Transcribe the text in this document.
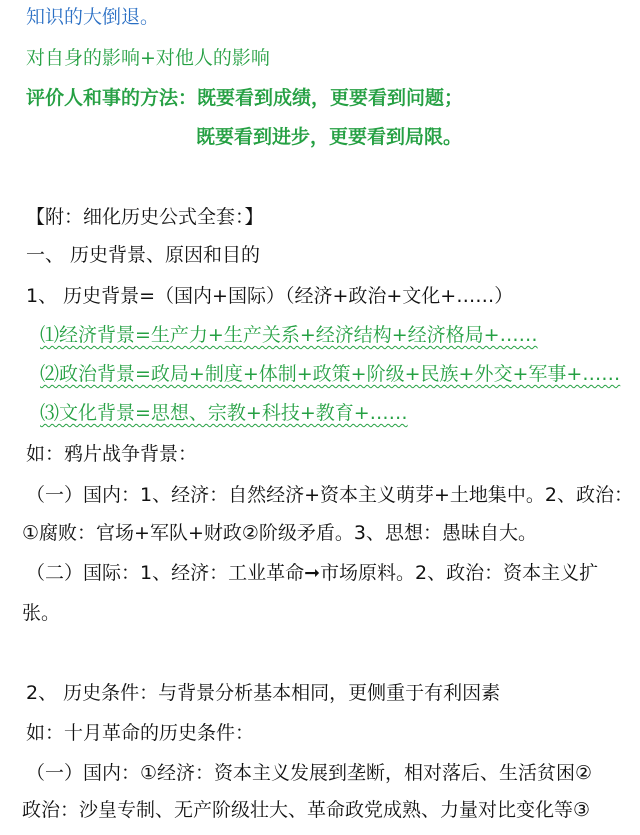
知识的大倒退。
对自身的影响+对他人的影响
评价人和事的方法：既要看到成绩，更要看到问题；
既要看到进步，更要看到局限。
【附：细化历史公式全套：】
一、 历史背景、原因和目的
1、 历史背景=（国内+国际）（经济+政治+文化+……）
⑴经济背景=生产力+生产关系+经济结构+经济格局+……
⑵政治背景=政局+制度+体制+政策+阶级+民族+外交+军事+……
⑶文化背景=思想、宗教+科技+教育+……
如：鸦片战争背景：
（一）国内：1、经济：自然经济+资本主义萌芽+土地集中。2、政治：
①腐败：官场+军队+财政②阶级矛盾。3、思想：愚昧自大。
（二）国际：1、经济：工业革命➞市场原料。2、政治：资本主义扩
张。
2、 历史条件：与背景分析基本相同，更侧重于有利因素
如：十月革命的历史条件：
（一）国内：①经济：资本主义发展到垄断，相对落后、生活贫困②
政治：沙皇专制、无产阶级壮大、革命政党成熟、力量对比变化等③
